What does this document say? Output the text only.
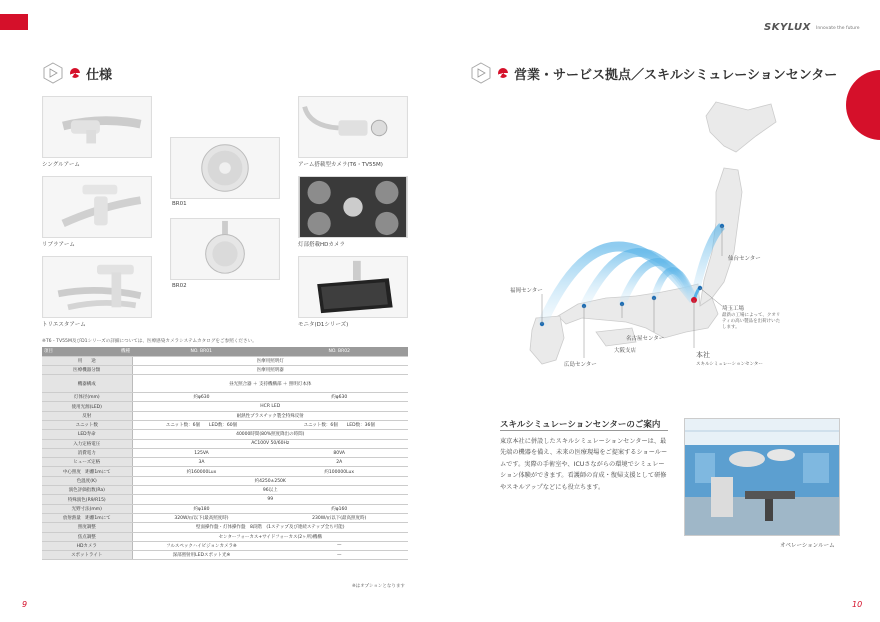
SKYLUX Innovate the future
仕様
シングルアーム
リブラアーム
トリエスタアーム
BR01
BR02
アーム搭載型カメラ(T6・TV55M)
灯部搭載HDカメラ
モニタ(D1シリーズ)
※T6・TV55M及びD1シリーズの詳細については、医療感染カメラシステムカタログをご参照ください。
項目 機種	NO. BR01	NO. BR02
用　　途	医療用照明灯	
医療機器分類	医療用照明器	
機器構成	昼光照合器 ＋ 支持機構部 ＋ 照明灯本体	
灯体径(mm)	約φ630	約φ630
使用光源(LED)	HCR LED	
反射	耐熱性プラスチック製全特殊反射	
ユニット数	ユニット数：6個　　LED数：60個	ユニット数：6個　　LED数：36個
LED寿命	40000時間(80%照度降出の時間)	
入力定格電圧	AC100V 50/60Hz	
消費電力	125VA	80VA
ヒューズ定格	3A	2A
中心照度　距離1mにて	約160000Lux	約100000Lux
色温度(K)	約4250±250K	
演色評価指数(Ra)	96以上	
特殊演色(R9/R15)	99	
光野寸法(mm)	約φ180	約φ160
放射熱量　距離1mにて	320W/㎡以下(最高照度時)	230W/㎡以下(最高照度時)
照度調整	壁面操作盤・灯体操作盤　8段階　(1ステップ及び連続ステップ全ち可能)	
焦点調整	センターフォーカス+サイドフォーカス(2ヶ所)機構	
HDカメラ	フルスペックハイビジョンカメラ※	—
スポットライト	深部照射用LEDスポット光※	—
※はオプションとなります
9
営業・サービス拠点／スキルシミュレーションセンター
福岡センター
広島センター
大阪支店
名古屋センター
仙台センター
埼玉工場
最新の工場によって、クオリティの高い製品を出荷けいたします。
本社
スキルシミュレーションセンター
スキルシミュレーションセンターのご案内
東京本社に併設したスキルシミュレーションセンターは、最先端の機器を備え、未来の医療現場をご提案するショールームです。実際の手術室や、ICUさながらの環境でシミュレーション体験ができます。看護師の育成・復帰支援として研修やスキルアップなどにも役立ちます。
オペレーションルーム
10
